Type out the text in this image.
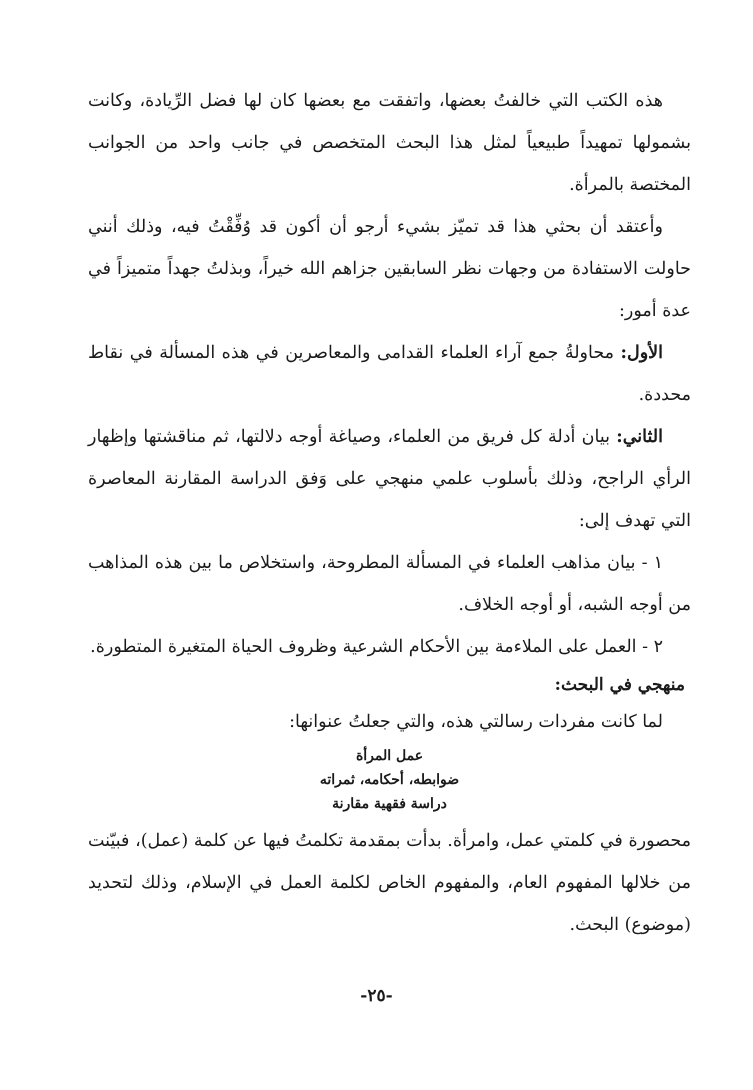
هذه الكتب التي خالفتُ بعضها، واتفقت مع بعضها كان لها فضل الرِّيادة، وكانت بشمولها تمهيداً طبيعياً لمثل هذا البحث المتخصص في جانب واحد من الجوانب المختصة بالمرأة.

وأعتقد أن بحثي هذا قد تميّز بشيء أرجو أن أكون قد وُفِّقْتُ فيه، وذلك أنني حاولت الاستفادة من وجهات نظر السابقين جزاهم الله خيراً، وبذلتُ جهداً متميزاً في عدة أمور:

الأول: محاولةُ جمع آراء العلماء القدامى والمعاصرين في هذه المسألة في نقاط محددة.

الثاني: بيان أدلة كل فريق من العلماء، وصياغة أوجه دلالتها، ثم مناقشتها وإظهار الرأي الراجح، وذلك بأسلوب علمي منهجي على وَفق الدراسة المقارنة المعاصرة التي تهدف إلى:

١ - بيان مذاهب العلماء في المسألة المطروحة، واستخلاص ما بين هذه المذاهب من أوجه الشبه، أو أوجه الخلاف.

٢ - العمل على الملاءمة بين الأحكام الشرعية وظروف الحياة المتغيرة المتطورة.

منهجي في البحث:

لما كانت مفردات رسالتي هذه، والتي جعلتُ عنوانها:

عمل المرأة
ضوابطه، أحكامه، ثمراته
دراسة فقهية مقارنة

محصورة في كلمتي عمل، وامرأة. بدأت بمقدمة تكلمتُ فيها عن كلمة (عمل)، فبيّنت من خلالها المفهوم العام، والمفهوم الخاص لكلمة العمل في الإسلام، وذلك لتحديد (موضوع) البحث.

-٢٥-
